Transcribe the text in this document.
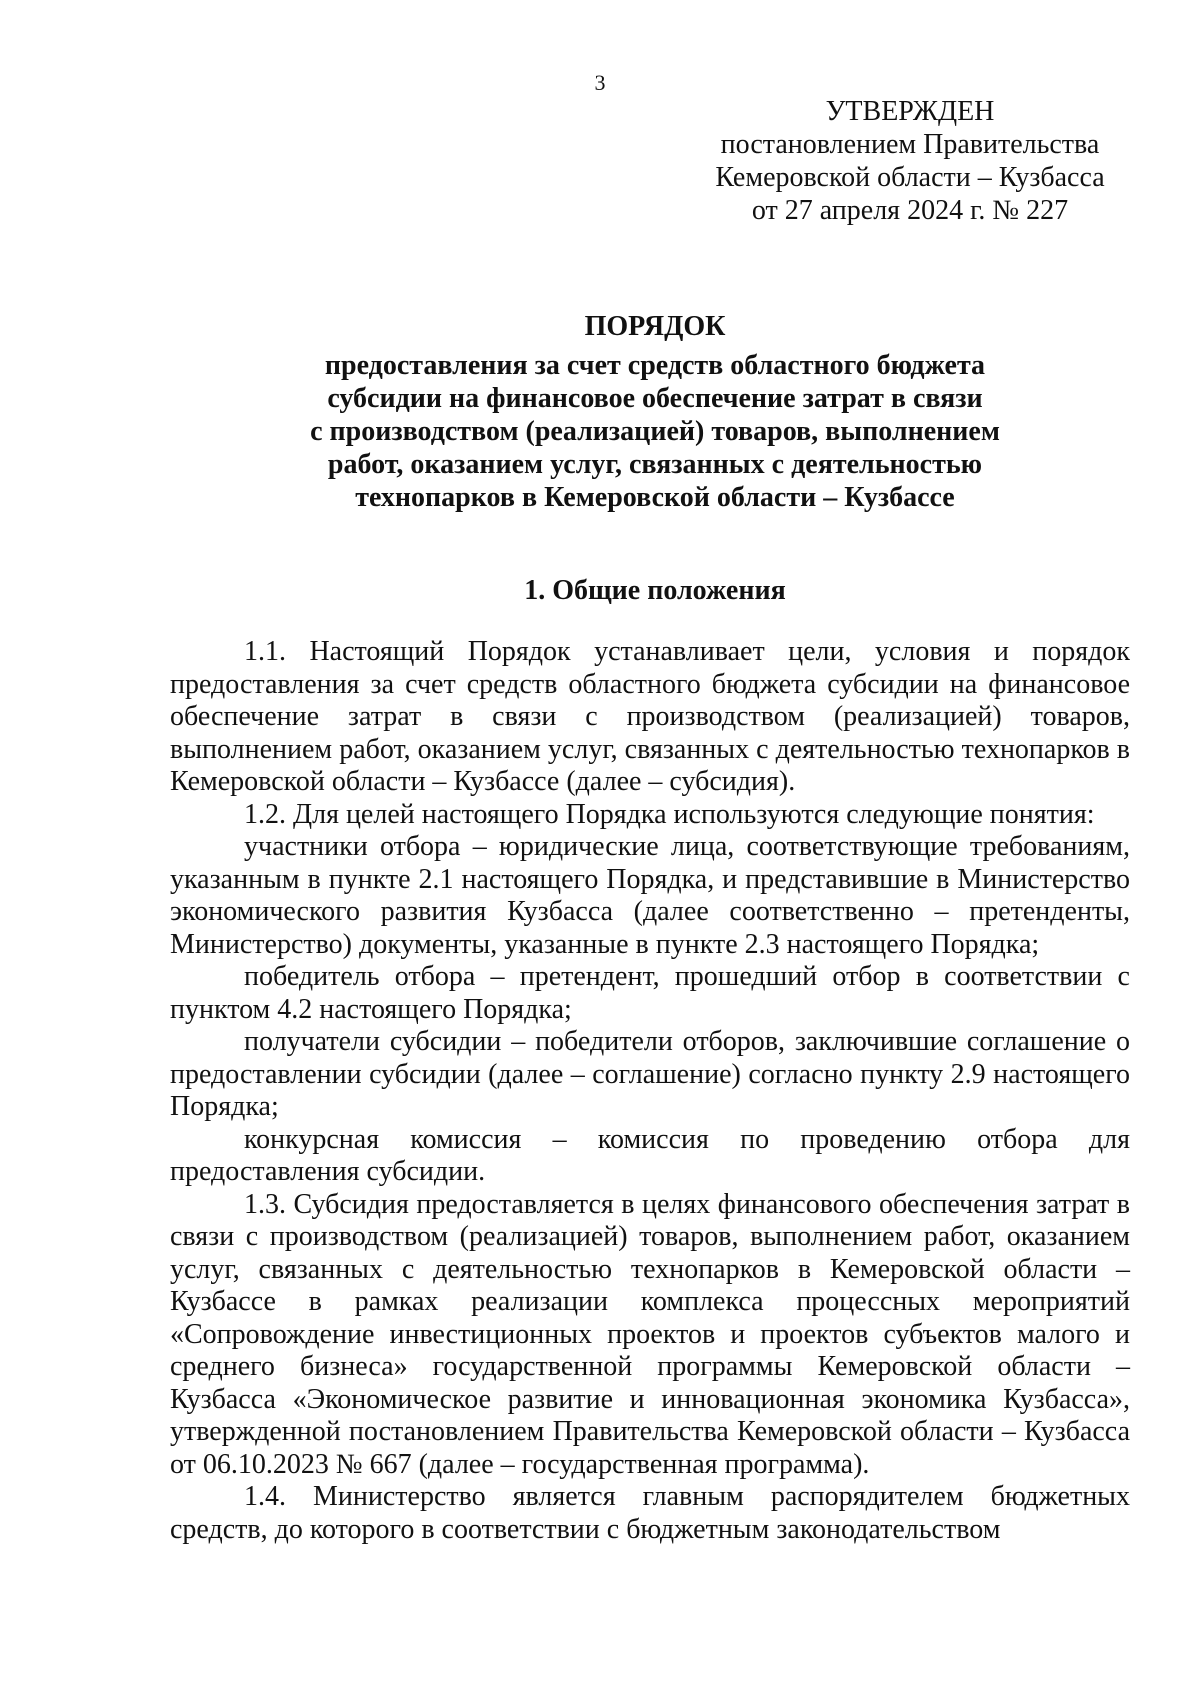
3
УТВЕРЖДЕН
постановлением Правительства
Кемеровской области – Кузбасса
от 27 апреля 2024 г. № 227
ПОРЯДОК
предоставления за счет средств областного бюджета
субсидии на финансовое обеспечение затрат в связи
с производством (реализацией) товаров, выполнением
работ, оказанием услуг, связанных с деятельностью
технопарков в Кемеровской области – Кузбассе
1. Общие положения

1.1. Настоящий Порядок устанавливает цели, условия и порядок предоставления за счет средств областного бюджета субсидии на финансовое обеспечение затрат в связи с производством (реализацией) товаров, выполнением работ, оказанием услуг, связанных с деятельностью технопарков в Кемеровской области – Кузбассе (далее – субсидия).

1.2. Для целей настоящего Порядка используются следующие понятия:

участники отбора – юридические лица, соответствующие требованиям, указанным в пункте 2.1 настоящего Порядка, и представившие в Министерство экономического развития Кузбасса (далее соответственно – претенденты, Министерство) документы, указанные в пункте 2.3 настоящего Порядка;

победитель отбора – претендент, прошедший отбор в соответствии с пунктом 4.2 настоящего Порядка;

получатели субсидии – победители отборов, заключившие соглашение о предоставлении субсидии (далее – соглашение) согласно пункту 2.9 настоящего Порядка;

конкурсная комиссия – комиссия по проведению отбора для предоставления субсидии.

1.3. Субсидия предоставляется в целях финансового обеспечения затрат в связи с производством (реализацией) товаров, выполнением работ, оказанием услуг, связанных с деятельностью технопарков в Кемеровской области – Кузбассе в рамках реализации комплекса процессных мероприятий «Сопровождение инвестиционных проектов и проектов субъектов малого и среднего бизнеса» государственной программы Кемеровской области – Кузбасса «Экономическое развитие и инновационная экономика Кузбасса», утвержденной постановлением Правительства Кемеровской области – Кузбасса от 06.10.2023 № 667 (далее – государственная программа).

1.4. Министерство является главным распорядителем бюджетных средств, до которого в соответствии с бюджетным законодательством
